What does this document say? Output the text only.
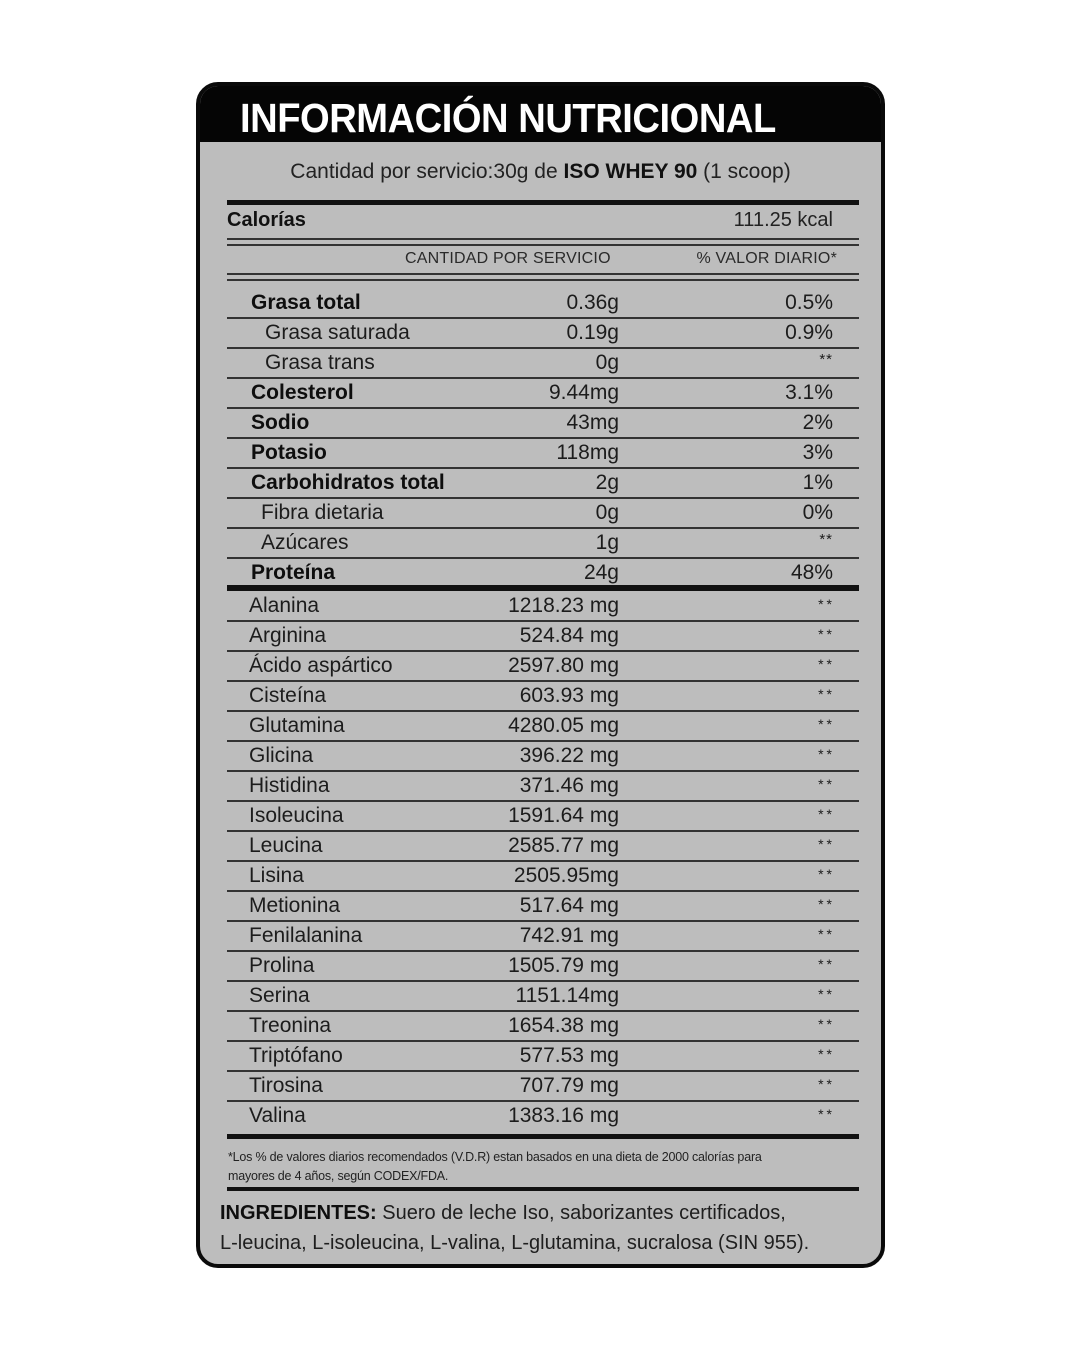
INFORMACIÓN NUTRICIONAL
Cantidad por servicio:30g de ISO WHEY 90 (1 scoop)
Calorías	111.25 kcal
CANTIDAD POR SERVICIO	% VALOR DIARIO*
Grasa total	0.36g	0.5%
Grasa saturada	0.19g	0.9%
Grasa trans	0g	**
Colesterol	9.44mg	3.1%
Sodio	43mg	2%
Potasio	118mg	3%
Carbohidratos total	2g	1%
Fibra dietaria	0g	0%
Azúcares	1g	**
Proteína	24g	48%
Alanina	1218.23 mg	**
Arginina	524.84 mg	**
Ácido aspártico	2597.80 mg	**
Cisteína	603.93 mg	**
Glutamina	4280.05 mg	**
Glicina	396.22 mg	**
Histidina	371.46 mg	**
Isoleucina	1591.64 mg	**
Leucina	2585.77 mg	**
Lisina	2505.95mg	**
Metionina	517.64 mg	**
Fenilalanina	742.91 mg	**
Prolina	1505.79 mg	**
Serina	1151.14mg	**
Treonina	1654.38 mg	**
Triptófano	577.53 mg	**
Tirosina	707.79 mg	**
Valina	1383.16 mg	**
*Los % de valores diarios recomendados (V.D.R) estan basados en una dieta de 2000 calorías para
mayores de 4 años, según CODEX/FDA.
INGREDIENTES: Suero de leche Iso, saborizantes certificados,
L-leucina, L-isoleucina, L-valina, L-glutamina, sucralosa (SIN 955).
